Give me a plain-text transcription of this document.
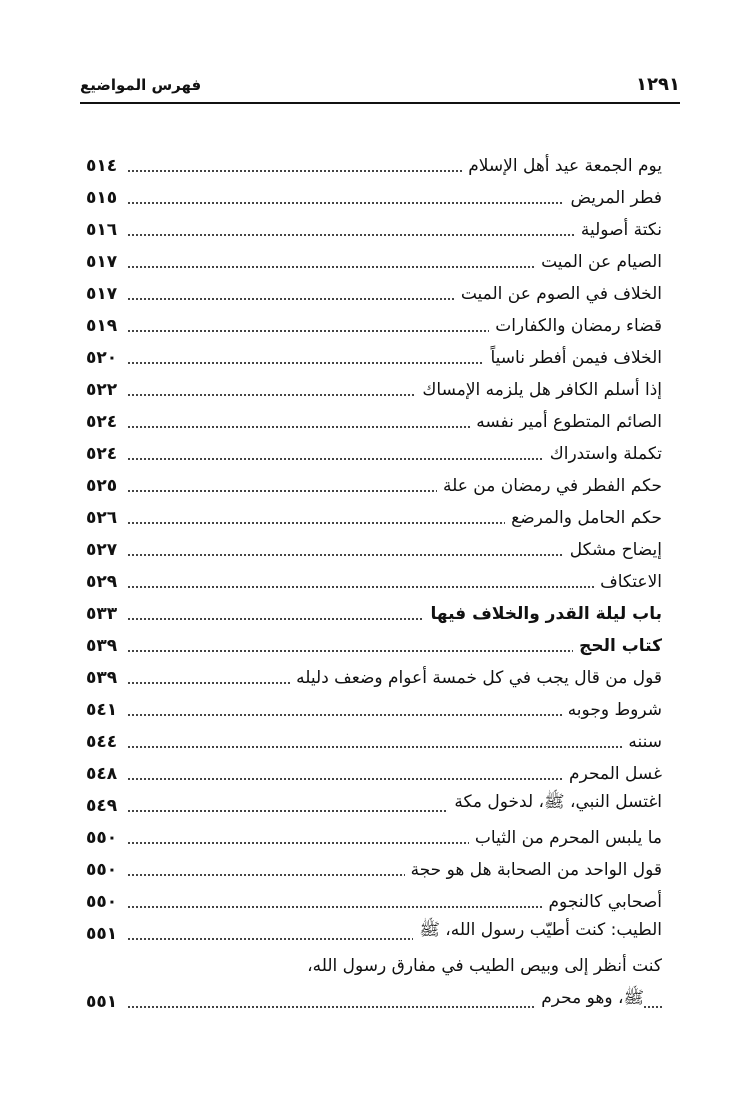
فهرس المواضيع	١٢٩١
٥١٤	يوم الجمعة عيد أهل الإسلام
٥١٥	فطر المريض
٥١٦	نكتة أصولية
٥١٧	الصيام عن الميت
٥١٧	الخلاف في الصوم عن الميت
٥١٩	قضاء رمضان والكفارات
٥٢٠	الخلاف فيمن أفطر ناسياً
٥٢٢	إذا أسلم الكافر هل يلزمه الإمساك
٥٢٤	الصائم المتطوع أمير نفسه
٥٢٤	تكملة واستدراك
٥٢٥	حكم الفطر في رمضان من علة
٥٢٦	حكم الحامل والمرضع
٥٢٧	إيضاح مشكل
٥٢٩	الاعتكاف
٥٣٣	باب ليلة القدر والخلاف فيها
٥٣٩	كتاب الحج
٥٣٩	قول من قال يجب في كل خمسة أعوام وضعف دليله
٥٤١	شروط وجوبه
٥٤٤	سننه
٥٤٨	غسل المحرم
٥٤٩	اغتسل النبي، ﷺ، لدخول مكة
٥٥٠	ما يلبس المحرم من الثياب
٥٥٠	قول الواحد من الصحابة هل هو حجة
٥٥٠	أصحابي كالنجوم
٥٥١	الطيب: كنت أطيّب رسول الله، ﷺ
كنت أنظر إلى وبيص الطيب في مفارق رسول الله،
٥٥١	ﷺ، وهو محرم
